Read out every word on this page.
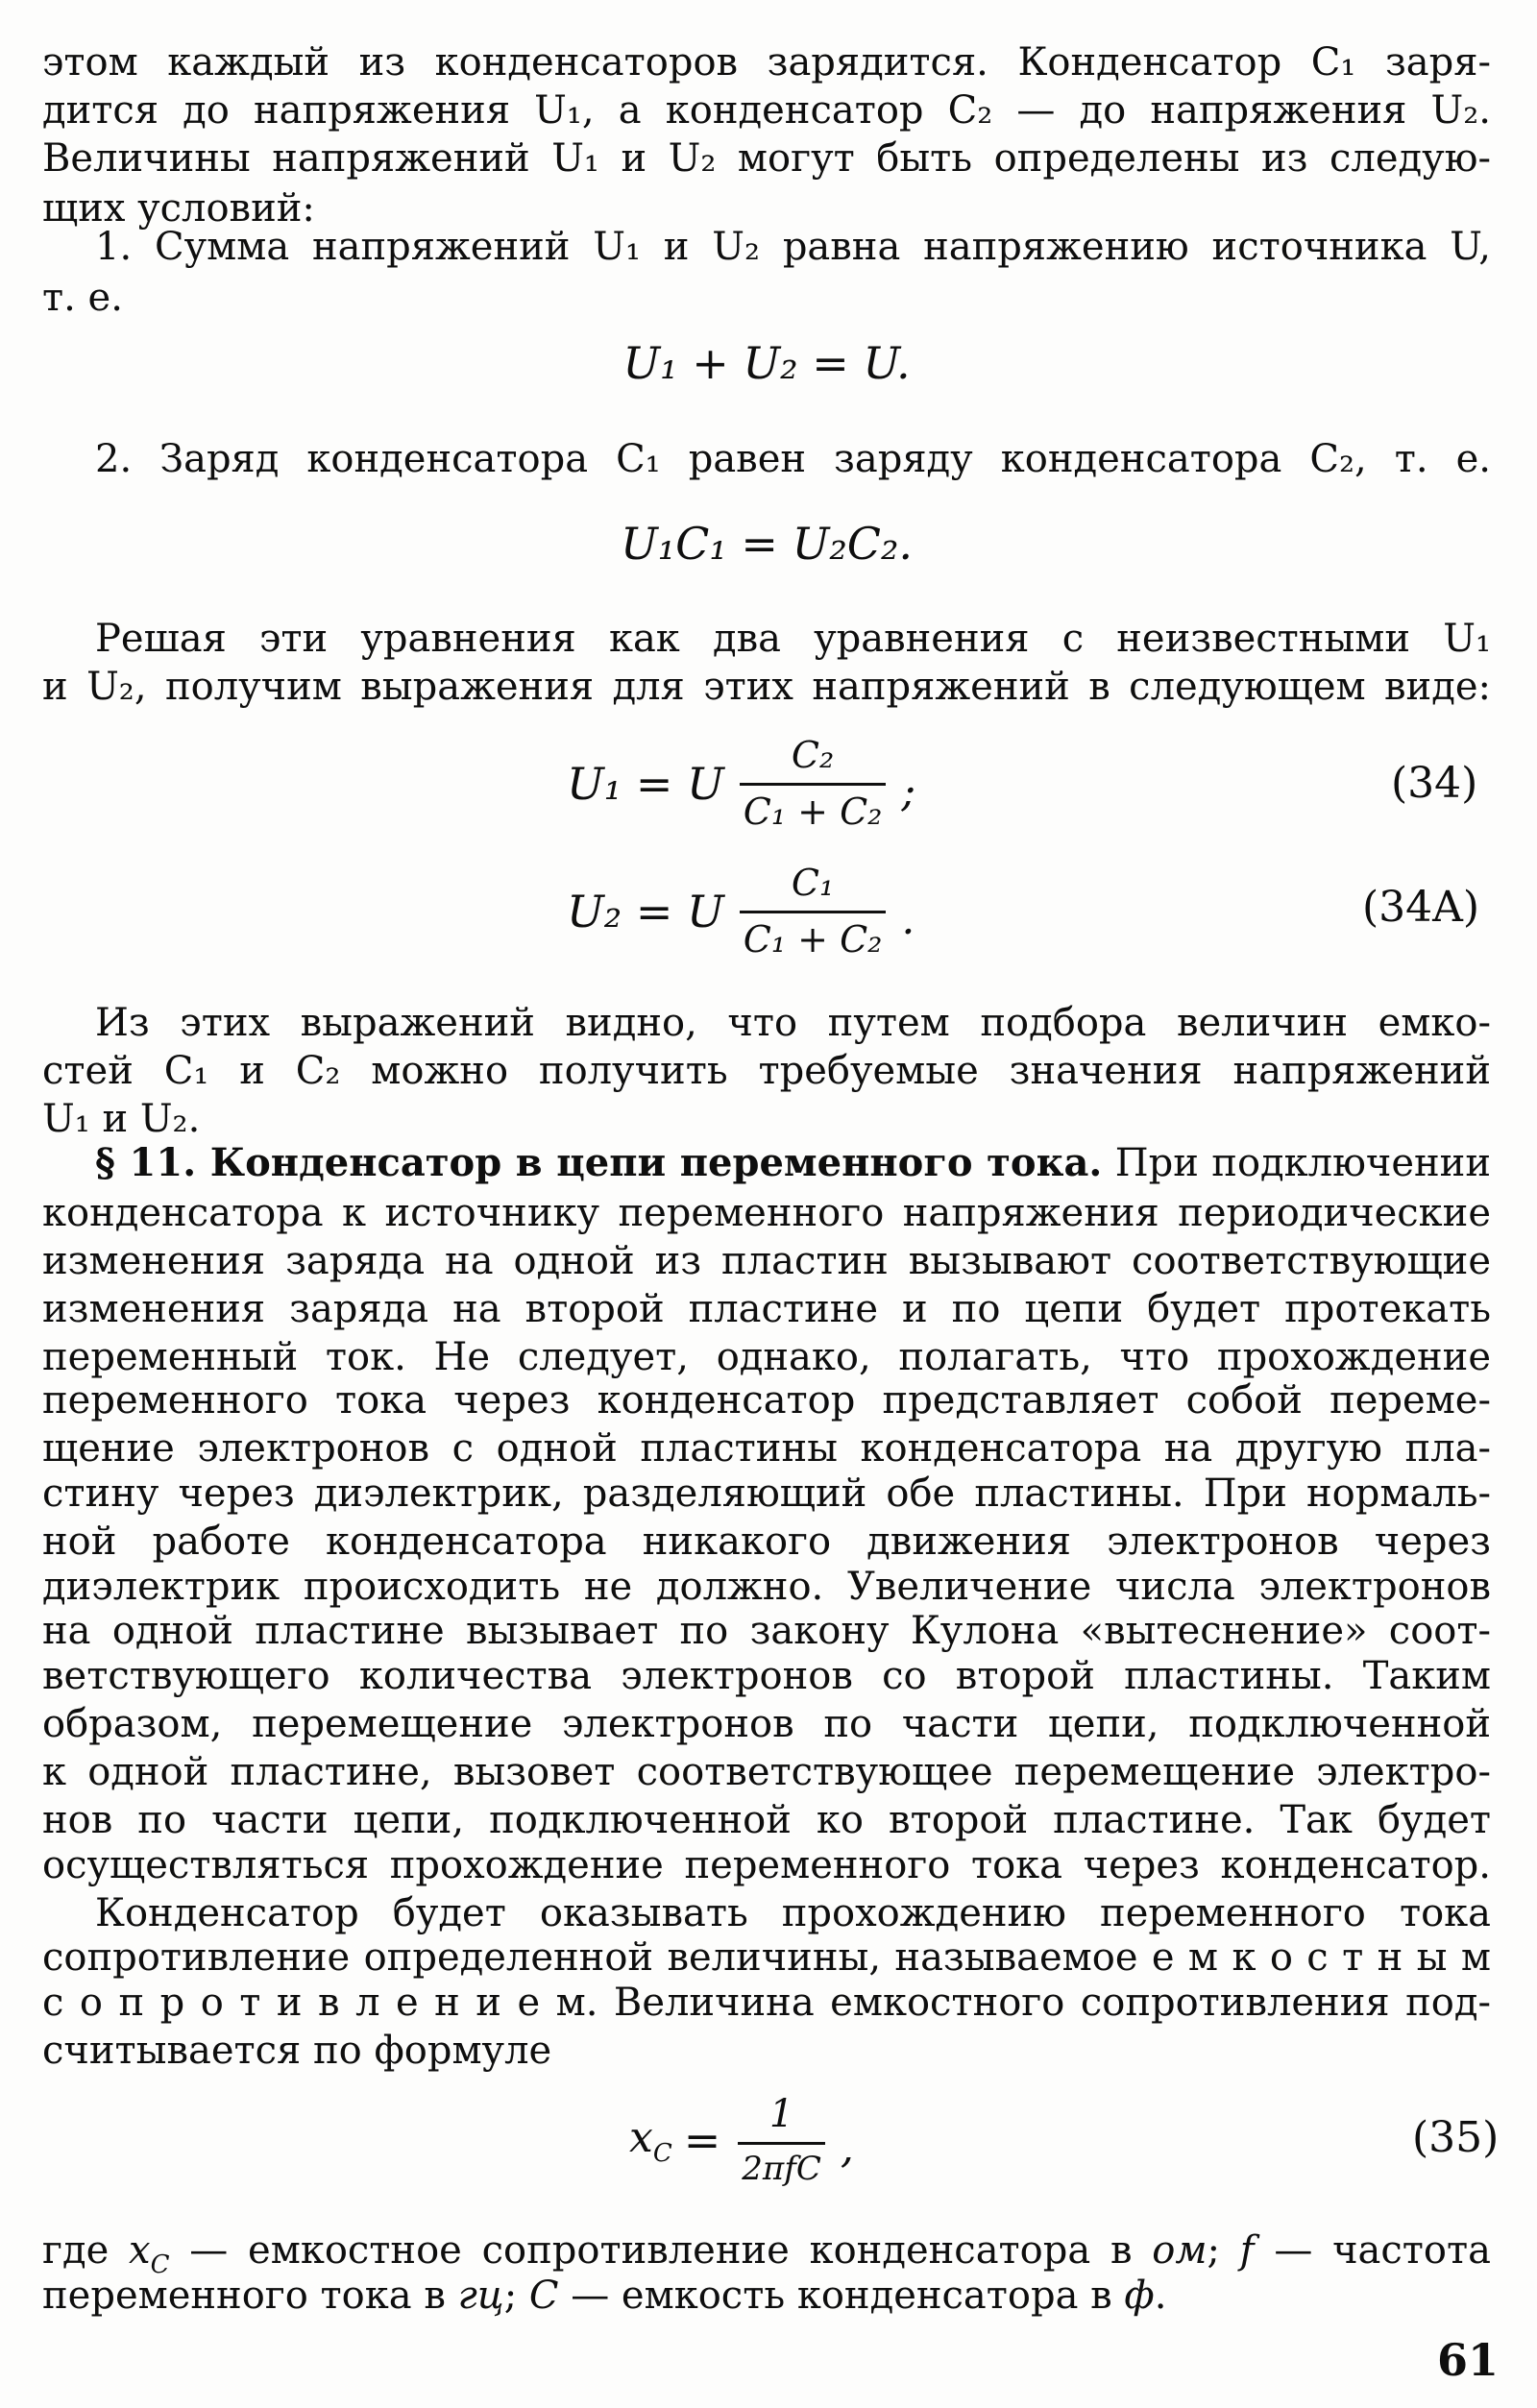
этом каждый из конденсаторов зарядится. Конденсатор C₁ заря-
дится до напряжения U₁, а конденсатор C₂ — до напряжения U₂.
Величины напряжений U₁ и U₂ могут быть определены из следую-
щих условий:
1. Сумма напряжений U₁ и U₂ равна напряжению источника U,
т. е.
U₁ + U₂ = U.
2. Заряд конденсатора C₁ равен заряду конденсатора C₂, т. е.
U₁C₁ = U₂C₂.
Решая эти уравнения как два уравнения с неизвестными U₁
и U₂, получим выражения для этих напряжений в следующем виде:
U₁ = U $\frac{\text{C₂}}{\text{C₁ + C₂}}$ ;	(34)
U₂ = U $\frac{\text{C₁}}{\text{C₁ + C₂}}$ .	(34A)
Из этих выражений видно, что путем подбора величин емко-
стей C₁ и C₂ можно получить требуемые значения напряжений
U₁ и U₂.
§ 11. Конденсатор в цепи переменного тока. При подключении
конденсатора к источнику переменного напряжения периодические
изменения заряда на одной из пластин вызывают соответствующие
изменения заряда на второй пластине и по цепи будет протекать
переменный ток. Не следует, однако, полагать, что прохождение
переменного тока через конденсатор представляет собой переме-
щение электронов с одной пластины конденсатора на другую пла-
стину через диэлектрик, разделяющий обе пластины. При нормаль-
ной работе конденсатора никакого движения электронов через
диэлектрик происходить не должно. Увеличение числа электронов
на одной пластине вызывает по закону Кулона «вытеснение» соот-
ветствующего количества электронов со второй пластины. Таким
образом, перемещение электронов по части цепи, подключенной
к одной пластине, вызовет соответствующее перемещение электро-
нов по части цепи, подключенной ко второй пластине. Так будет
осуществляться прохождение переменного тока через конденсатор.
Конденсатор будет оказывать прохождению переменного тока
сопротивление определенной величины, называемое е м к о с т н ы м
с о п р о т и в л е н и е м. Величина емкостного сопротивления под-
считывается по формуле
$x_C = \frac{1}{\text{2πfC}}$ ,	(35)
где $x_C$ — емкостное сопротивление конденсатора в ом; f — частота
переменного тока в гц; C — емкость конденсатора в ф.
61
